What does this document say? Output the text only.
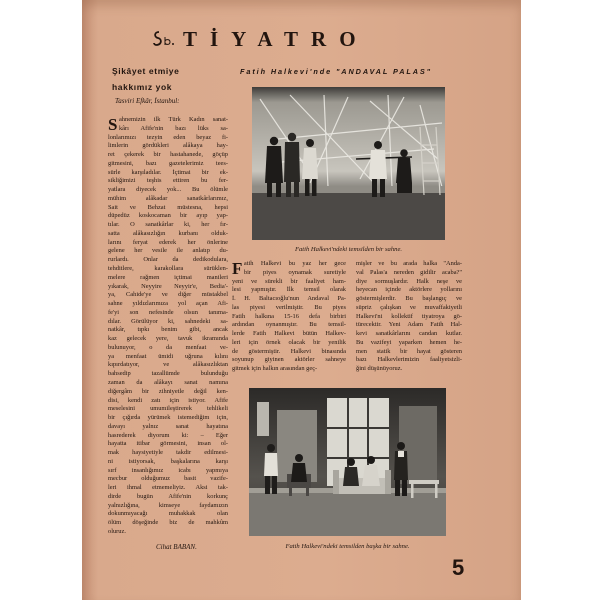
TİYATRO
Şikâyet etmiye
hakkımız yok
Tasviri Efkâr, İstanbul:
Sahnemizin ilk Türk Kadın sanat-
kârı Afife'nin bazı lüks sa-
lonlarımızı tezyin eden beyaz fi-
limlerin gördükleri alâkaya hay-
ret çekerek bir hastahanede, göçüp
gitmesini, bazı gazetelerimiz tees-
sürle karşıladılar. İçtimai bir ek-
sikliğimizi teşhis ettiren bu fer-
yatlara diyecek yok... Bu ölümle
mühim alâkadar sanatkârlarımız,
Sait ve Behzat müstesna, hepsi
düpedüz koskocaman bir ayıp yap-
tılar. O sanatkârlar ki, her fır-
satta alâkasızlığın kurbanı olduk-
larını feryat ederek her önlerine
gelene her vesile ile anlatıp du-
rurlardı. Onlar da dedikodulara,
tehditlere, karakollara sürüklen-
melere rağmen içtimai manileri
yıkarak, Neyyire Neyyir'e, Bedia'-
ya, Cahide'ye ve diğer müstakbel
sahne yıldızlarımıza yol açan Afi-
fe'yi son nefesinde olsun tanıma-
dılar. Görülüyor ki, sahnedeki sa-
natkâr, tıpkı benim gibi, ancak
kaz gelecek yere, tavuk ikramında
bulunuyor, o da menfaat ve-
ya menfaat ümidi uğruna kılını
kıpırdatıyor, ve alâkasızlıktan
bahsedip tazallümde bulunduğu
zaman da alâkayı sanat namına
diğergâm bir zihniyetle değil ken-
disi, kendi zatı için istiyor. Afife
meselesini umumileştirerek tehlikeli
bir çığırda yürümek istemediğim için,
davayı yalnız sanat hayatına
hasrederek diyorum ki: – Eğer
hayatta itibar görmesini, insan ol-
mak haysiyetiyle takdir edilmesi-
ni istiyorsak, başkalarına karşı
sırf insanlığımız icabı yapmıya
mecbur olduğumuz basit vazife-
leri ihmal etmemeliyiz. Aksi tak-
dirde bugün Afife'nin korkunç
yalnızlığına, kimseye faydamızın
dokunmıyacağı muhakkak olan
ölüm döşeğinde biz de mahkûm
oluruz.
Cihat BABAN.
Fatih Halkevi'nde "ANDAVAL PALAS"
Fatih Halkevi'ndeki temsilden bir sahne.
Fatih Halkevi bu yaz her gece
bir piyes oynamak suretiyle
yeni ve sürekli bir faaliyet ham-
lesi yapmıştır. İlk temsil olarak
İ. H. Baltacıoğlu'nun Andaval Pa-
las piyesi verilmiştir. Bu piyes
Fatih halkına 15-16 defa birbiri
ardından oynanmıştır. Bu temsil-
lerde Fatih Halkevi bütün Halkev-
leri için örnek olacak bir yenilik
de göstermiştir. Halkevi binasında
soyunup giyinen aktörler sahneye
gitmek için halkın arasından geç-
mişler ve bu arada halka "Anda-
val Palas'a nereden gidilir acaba?"
diye sormuşlardır. Halk neşe ve
heyecan içinde aktörlere yollarını
göstermişlerdir. Bu başlangıç ve
süpriz çalışkan ve muvaffakiyetli
Halkevi'ni kollektif tiyatroya gö-
türecektir. Yeni Adam Fatih Hal-
kevi sanatkârlarını candan kutlar.
Bu vazifeyi yaparken hemen he-
men statik bir hayat gösteren
bazı Halkevlerimizin faaliyetsizli-
ğini düşünüyoruz.
Fatih Halkevi'ndeki temsilden başka bir sahne.
5
